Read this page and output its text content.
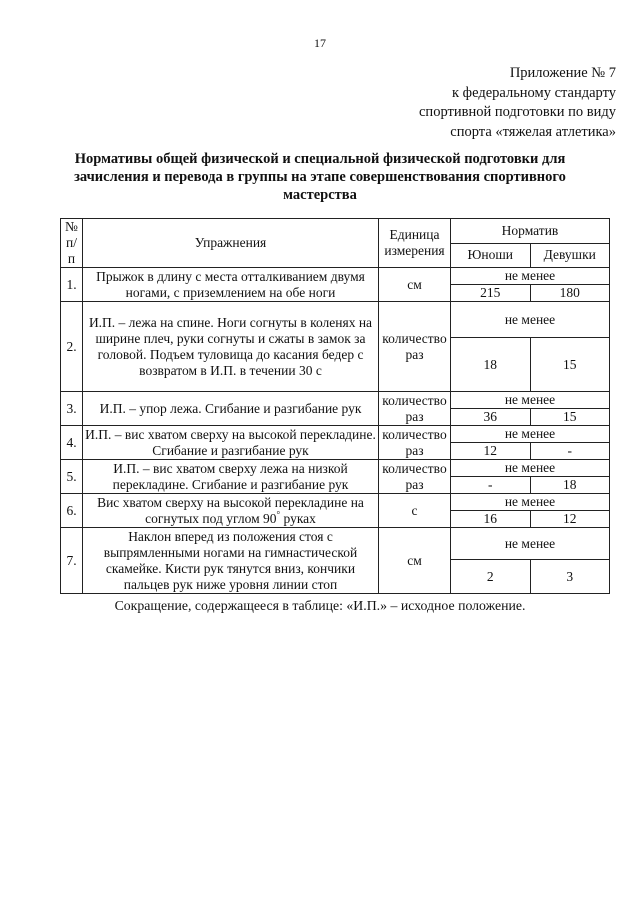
17
Приложение № 7
к федеральному стандарту
спортивной подготовки по виду
спорта «тяжелая атлетика»
Нормативы общей физической и специальной физической подготовки для зачисления и перевода в группы на этапе совершенствования спортивного мастерства
№ п/п	Упражнения	Единица измерения	Норматив	
			Юноши	Девушки
1.	Прыжок в длину с места отталкиванием двумя ногами, с приземлением на обе ноги	см	не менее	
			215	180
2.	И.П. – лежа на спине. Ноги согнуты в коленях на ширине плеч, руки согнуты и сжаты в замок за головой. Подъем туловища до касания бедер с возвратом в И.П. в течении 30 с	количество раз	не менее	
			18	15
3.	И.П. – упор лежа. Сгибание и разгибание рук	количество раз	не менее	
			36	15
4.	И.П. – вис хватом сверху на высокой перекладине. Сгибание и разгибание рук	количество раз	не менее	
			12	-
5.	И.П. – вис хватом сверху лежа на низкой перекладине. Сгибание и разгибание рук	количество раз	не менее	
			-	18
6.	Вис хватом сверху на высокой перекладине на согнутых под углом 90° руках	с	не менее	
			16	12
7.	Наклон вперед из положения стоя с выпрямленными ногами на гимнастической скамейке. Кисти рук тянутся вниз, кончики пальцев рук ниже уровня линии стоп	см	не менее	
			2	3
Сокращение, содержащееся в таблице: «И.П.» – исходное положение.
